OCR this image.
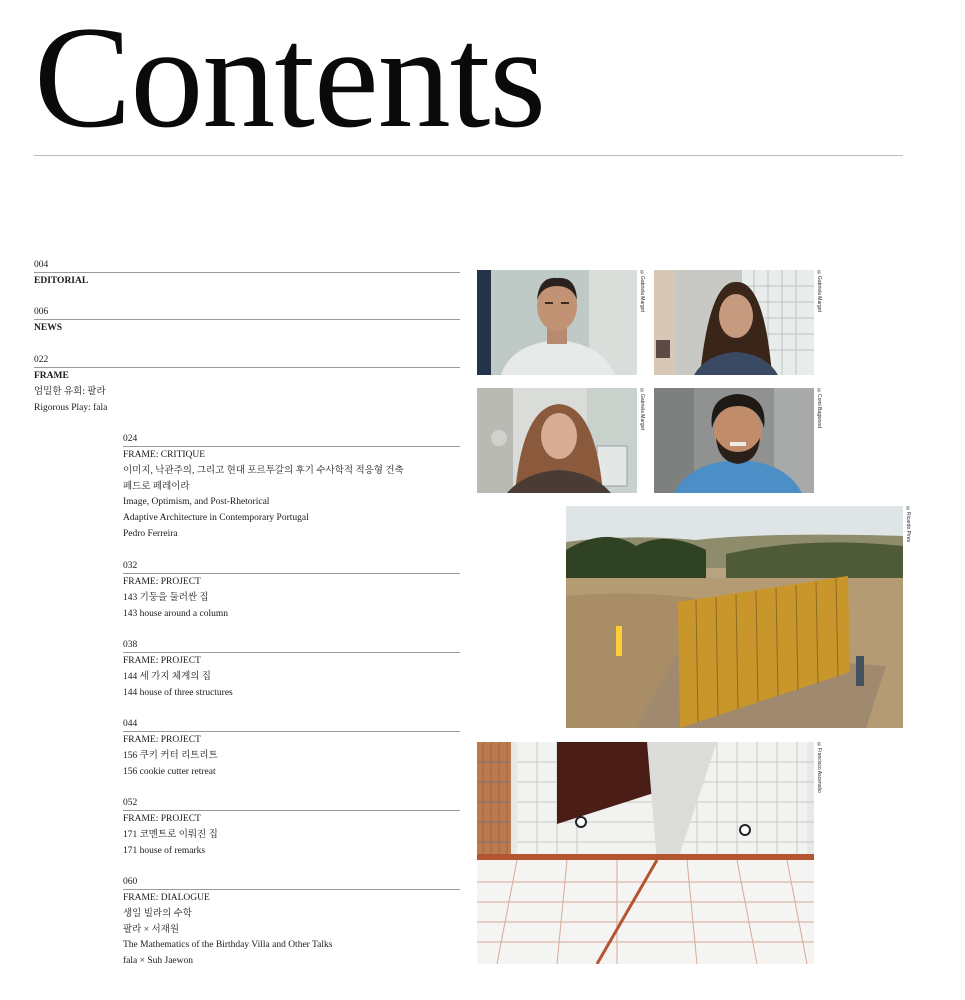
Contents
004
EDITORIAL
006
NEWS
022
FRAME
엄밀한 유희: 팔라
Rigorous Play: fala
024
FRAME: CRITIQUE
이미지, 낙관주의, 그리고 현대 포르투갈의 후기 수사학적 적응형 건축
페드로 페레이라
Image, Optimism, and Post-Rhetorical
Adaptive Architecture in Contemporary Portugal
Pedro Ferreira
032
FRAME: PROJECT
143 기둥을 둘러싼 집
143 house around a column
038
FRAME: PROJECT
144 세 가지 체계의 집
144 house of three structures
044
FRAME: PROJECT
156 쿠키 커터 리트리트
156 cookie cutter retreat
052
FRAME: PROJECT
171 코멘트로 이뤄진 집
171 house of remarks
060
FRAME: DIALOGUE
생일 빌라의 수학
팔라 × 서재원
The Mathematics of the Birthday Villa and Other Talks
fala × Suh Jaewon
©Gabriela Margot	©Gabriela Margot
©Gabriela Margot	©Comi Bagwood
©Ricardo Pires
©Francisco Ascensão
